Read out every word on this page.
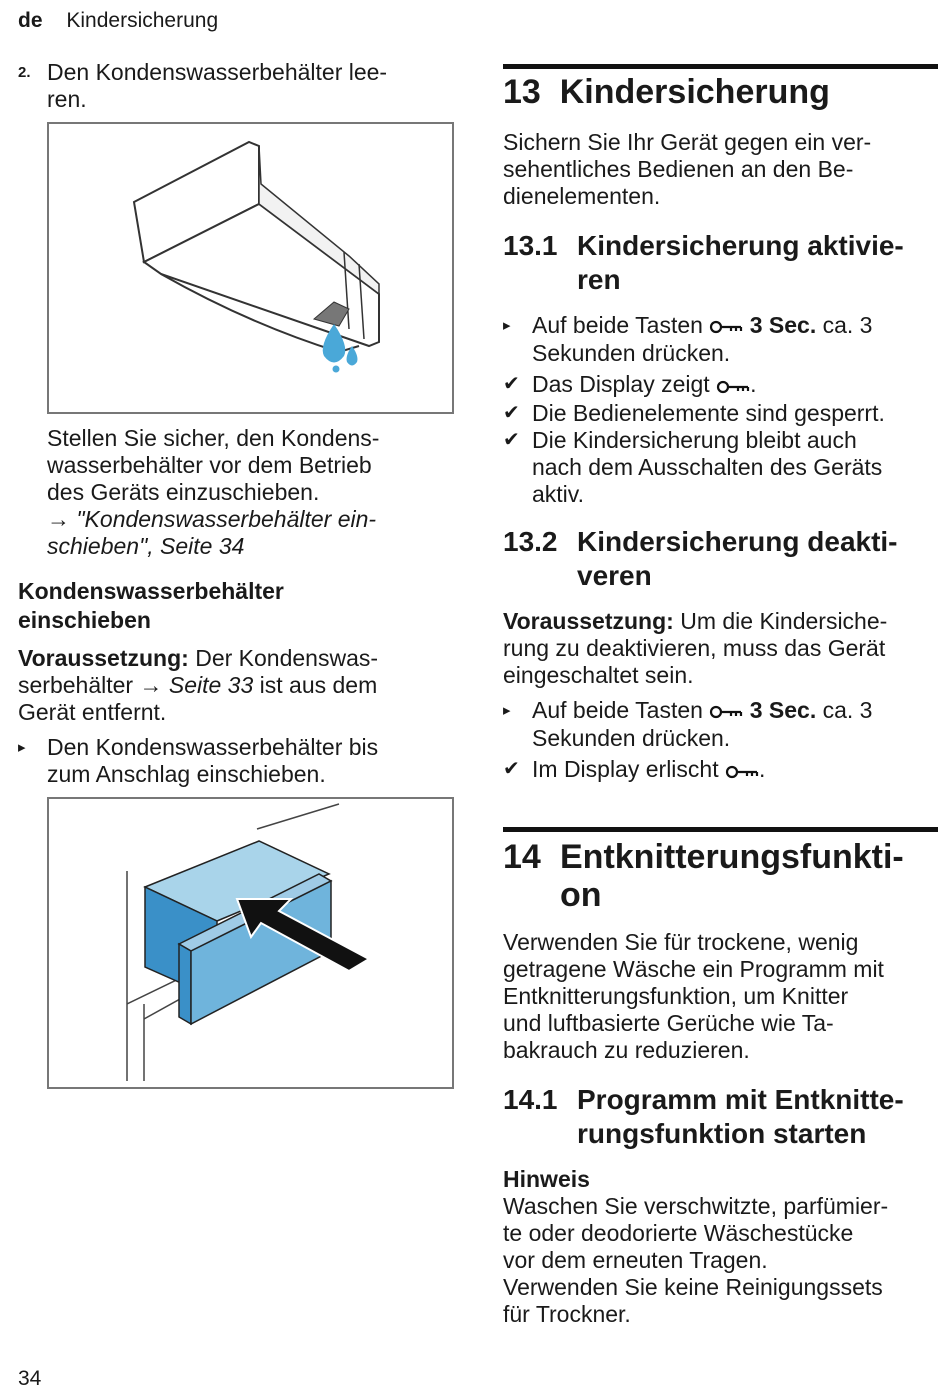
de Kindersicherung
2. Den Kondenswasserbehälter lee-
ren.
Stellen Sie sicher, den Kondens-
wasserbehälter vor dem Betrieb
des Geräts einzuschieben.
→ "Kondenswasserbehälter ein-
schieben", Seite 34
Kondenswasserbehälter
einschieben
Voraussetzung: Der Kondenswas-
serbehälter → Seite 33 ist aus dem
Gerät entfernt.
▸ Den Kondenswasserbehälter bis
zum Anschlag einschieben.
13 Kindersicherung
Sichern Sie Ihr Gerät gegen ein ver-
sehentliches Bedienen an den Be-
dienelementen.
13.1 Kindersicherung aktivie-
ren
▸ Auf beide Tasten  3 Sec. ca. 3
Sekunden drücken.
✔ Das Display zeigt .
✔ Die Bedienelemente sind gesperrt.
✔ Die Kindersicherung bleibt auch
nach dem Ausschalten des Geräts
aktiv.
13.2 Kindersicherung deakti-
veren
Voraussetzung: Um die Kindersiche-
rung zu deaktivieren, muss das Gerät
eingeschaltet sein.
▸ Auf beide Tasten  3 Sec. ca. 3
Sekunden drücken.
✔ Im Display erlischt .
14 Entknitterungsfunkti-
on
Verwenden Sie für trockene, wenig
getragene Wäsche ein Programm mit
Entknitterungsfunktion, um Knitter
und luftbasierte Gerüche wie Ta-
bakrauch zu reduzieren.
14.1 Programm mit Entknitte-
rungsfunktion starten
Hinweis
Waschen Sie verschwitzte, parfümier-
te oder deodorierte Wäschestücke
vor dem erneuten Tragen.
Verwenden Sie keine Reinigungssets
für Trockner.
34
